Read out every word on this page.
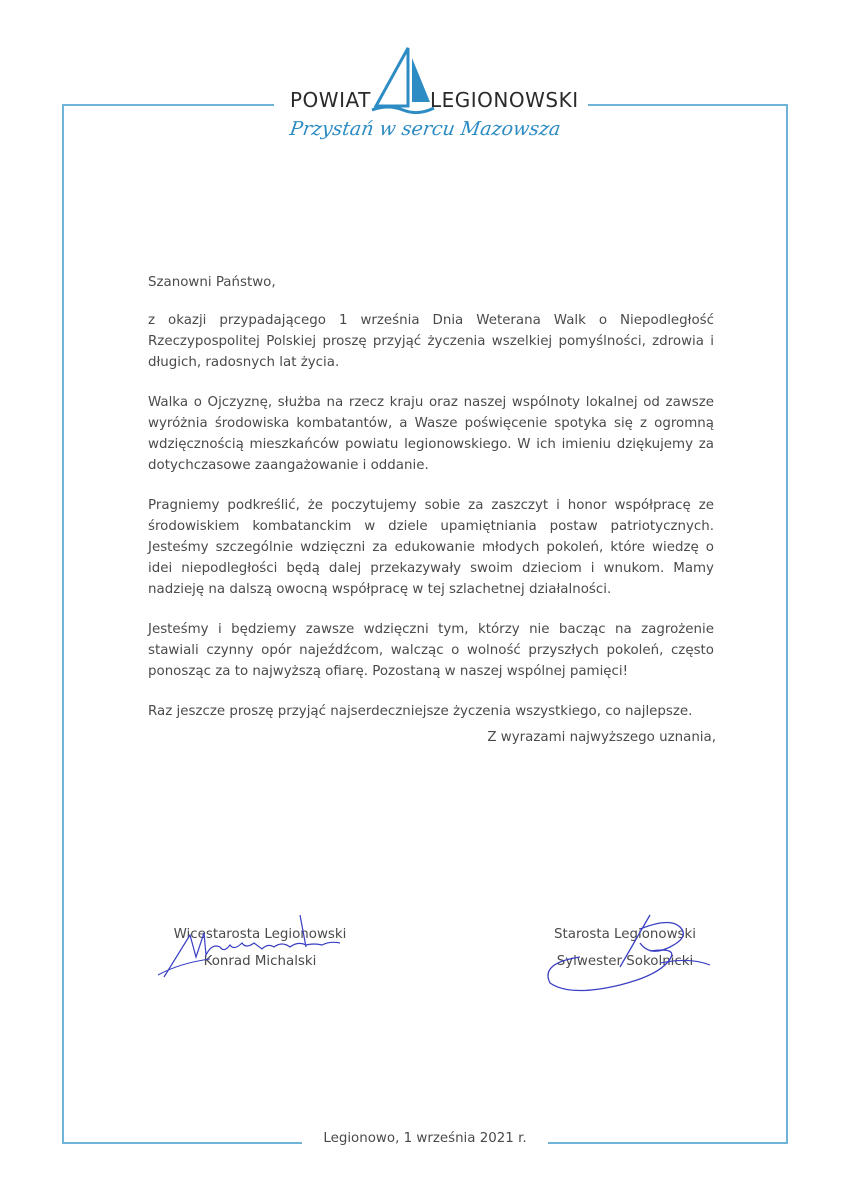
POWIAT	LEGIONOWSKI
Przystań w sercu Mazowsza

Szanowni Państwo,

z okazji przypadającego 1 września Dnia Weterana Walk o Niepodległość Rzeczypospolitej Polskiej proszę przyjąć życzenia wszelkiej pomyślności, zdrowia i długich, radosnych lat życia.

Walka o Ojczyznę, służba na rzecz kraju oraz naszej wspólnoty lokalnej od zawsze wyróżnia środowiska kombatantów, a Wasze poświęcenie spotyka się z ogromną wdzięcznością mieszkańców powiatu legionowskiego. W ich imieniu dziękujemy za dotychczasowe zaangażowanie i oddanie.

Pragniemy podkreślić, że poczytujemy sobie za zaszczyt i honor współpracę ze środowiskiem kombatanckim w dziele upamiętniania postaw patriotycznych. Jesteśmy szczególnie wdzięczni za edukowanie młodych pokoleń, które wiedzę o idei niepodległości będą dalej przekazywały swoim dzieciom i wnukom. Mamy nadzieję na dalszą owocną współpracę w tej szlachetnej działalności.

Jesteśmy i będziemy zawsze wdzięczni tym, którzy nie bacząc na zagrożenie stawiali czynny opór najeźdźcom, walcząc o wolność przyszłych pokoleń, często ponosząc za to najwyższą ofiarę. Pozostaną w naszej wspólnej pamięci!

Raz jeszcze proszę przyjąć najserdeczniejsze życzenia wszystkiego, co najlepsze.

Z wyrazami najwyższego uznania,
Wicestarosta Legionowski
Konrad Michalski
Starosta Legionowski
Sylwester Sokolnicki
Legionowo, 1 września 2021 r.
